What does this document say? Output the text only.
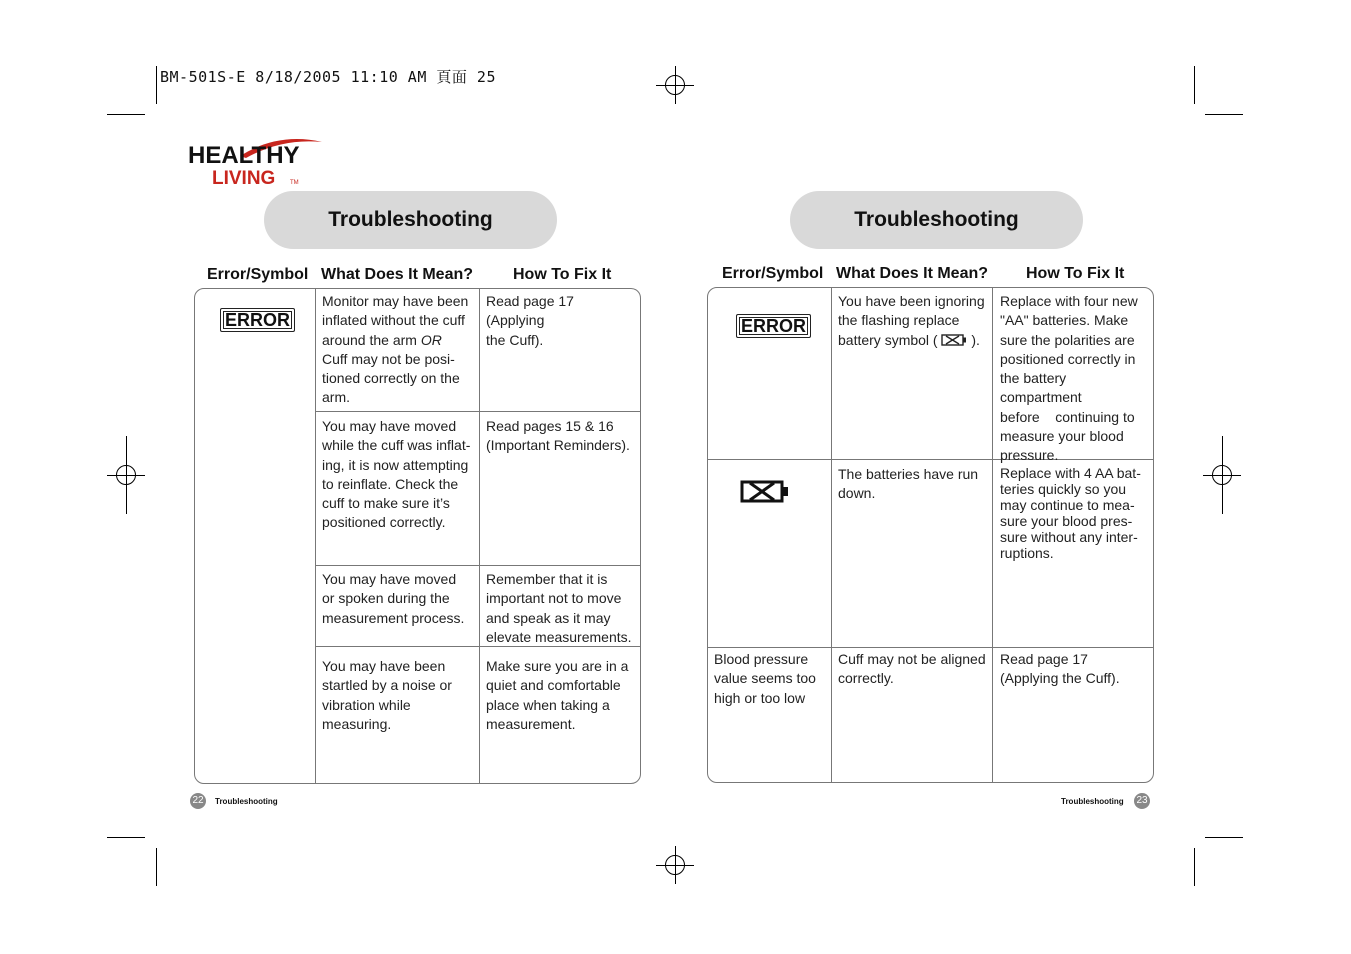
BM-501S-E 8/18/2005 11:10 AM 頁面 25
HEALTHY
LIVING TM
Troubleshooting
Error/Symbol What Does It Mean? How To Fix It
ERROR
Monitor may have been
inflated without the cuff
around the arm OR
Cuff may not be posi-
tioned correctly on the
arm.
Read page 17 (Applying
the Cuff).
You may have moved
while the cuff was inflat-
ing, it is now attempting
to reinflate. Check the
cuff to make sure it’s
positioned correctly.
Read pages 15 & 16
(Important Reminders).
You may have moved
or spoken during the
measurement process.
Remember that it is
important not to move
and speak as it may
elevate measurements.
You may have been
startled by a noise or
vibration while measuring.
Make sure you are in a
quiet and comfortable
place when taking a
measurement.
22	Troubleshooting
Troubleshooting
Error/Symbol What Does It Mean? How To Fix It
ERROR
You have been ignoring
the flashing replace
battery symbol ( ).
Replace with four new
"AA" batteries. Make
sure the polarities are
positioned correctly in
the battery compartment
before    continuing to
measure your blood
pressure.
The batteries have run
down.
Replace with 4 AA bat-
teries quickly so you
may continue to mea-
sure your blood pres-
sure without any inter-
ruptions.
Blood pressure
value seems too
high or too low
Cuff may not be aligned
correctly.
Read page 17
(Applying the Cuff).
Troubleshooting 23
